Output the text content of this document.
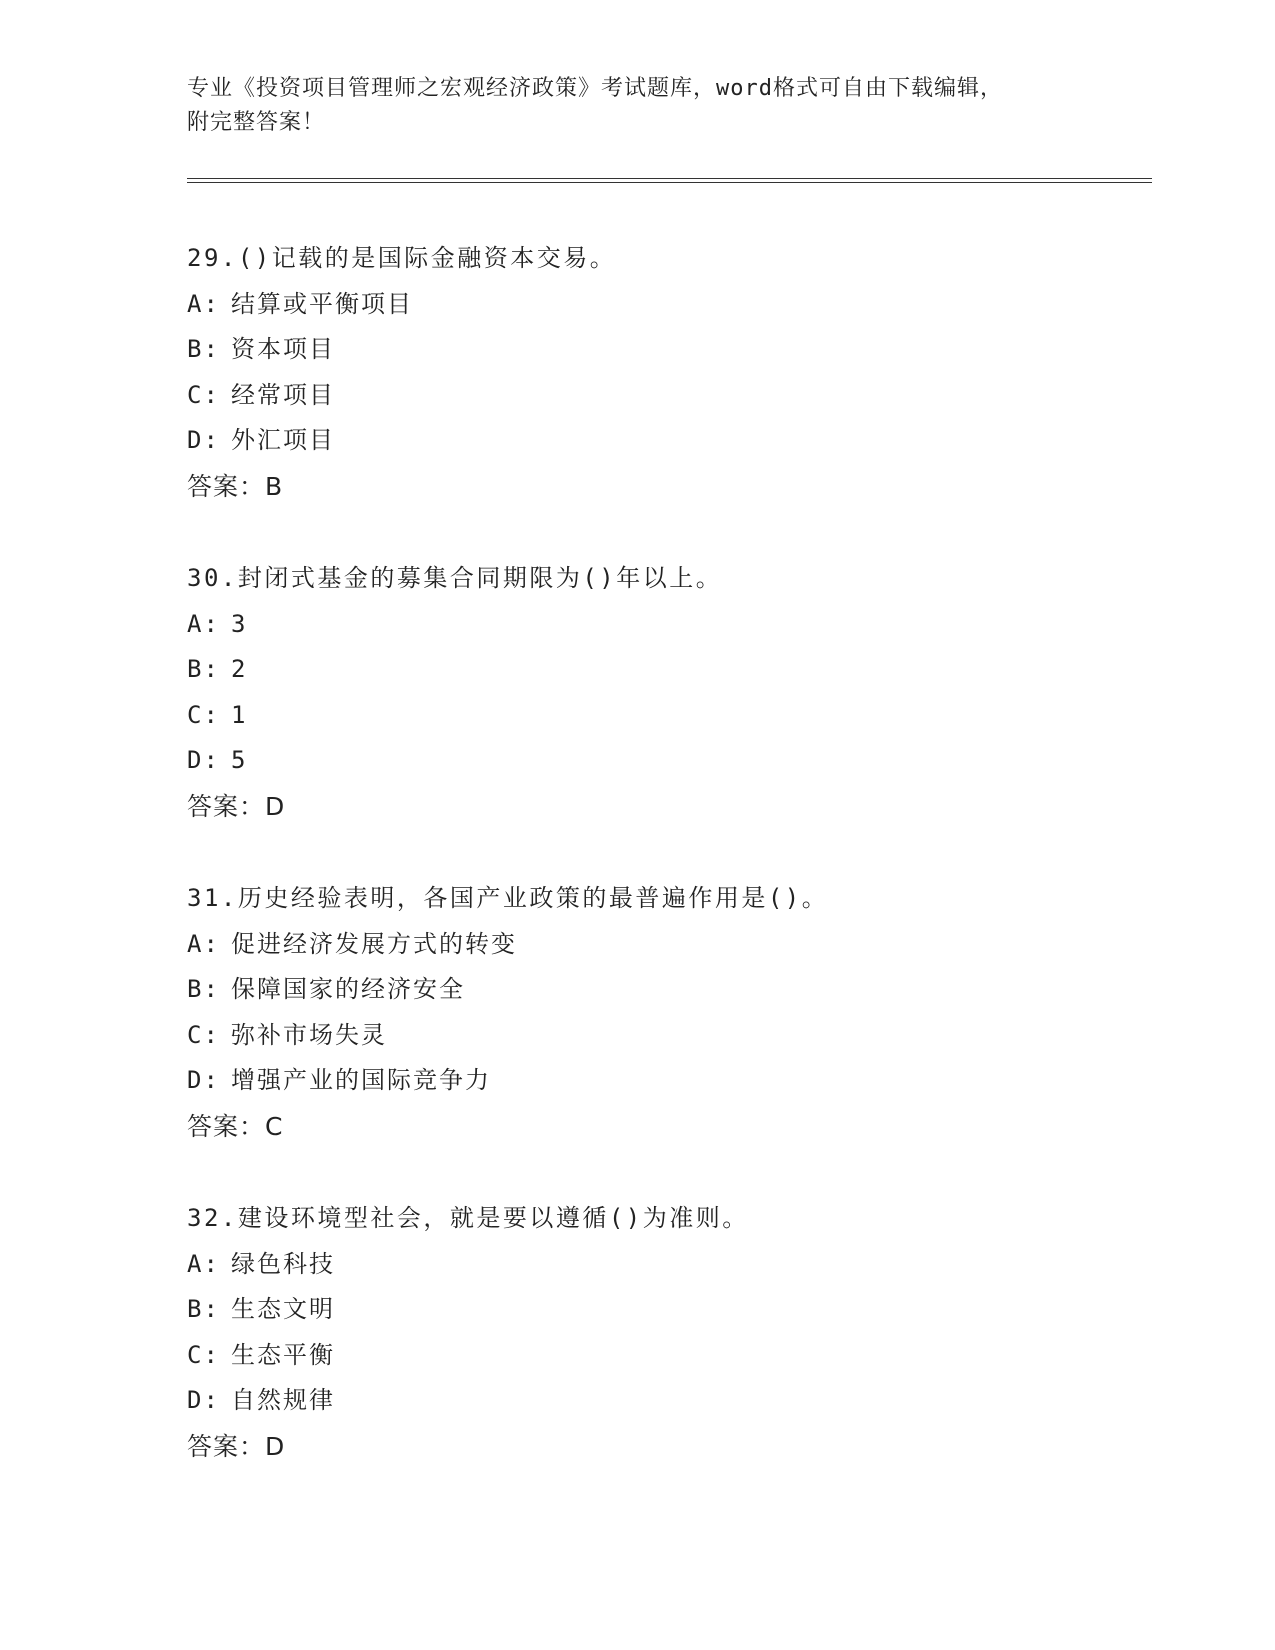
专业《投资项目管理师之宏观经济政策》考试题库，word格式可自由下载编辑，
附完整答案！
29.()记载的是国际金融资本交易。
A: 结算或平衡项目
B: 资本项目
C: 经常项目
D: 外汇项目
答案：B
30.封闭式基金的募集合同期限为()年以上。
A: 3
B: 2
C: 1
D: 5
答案：D
31.历史经验表明，各国产业政策的最普遍作用是()。
A: 促进经济发展方式的转变
B: 保障国家的经济安全
C: 弥补市场失灵
D: 增强产业的国际竞争力
答案：C
32.建设环境型社会，就是要以遵循()为准则。
A: 绿色科技
B: 生态文明
C: 生态平衡
D: 自然规律
答案：D
